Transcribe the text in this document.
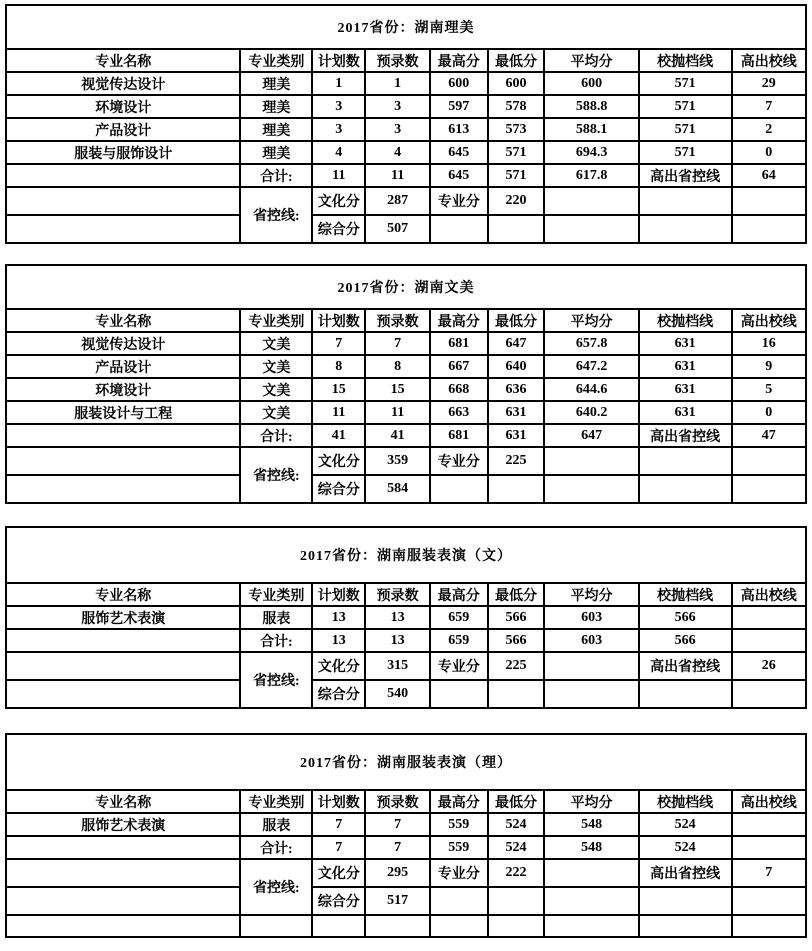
2017省份：湖南理美								
专业名称	专业类别	计划数	预录数	最高分	最低分	平均分	校抛档线	高出校线
视觉传达设计	理美	1	1	600	600	600	571	29
环境设计	理美	3	3	597	578	588.8	571	7
产品设计	理美	3	3	613	573	588.1	571	2
服装与服饰设计	理美	4	4	645	571	694.3	571	0
	合计:	11	11	645	571	617.8	高出省控线	64
	省控线:	文化分	287	专业分	220			
		综合分	507					
2017省份：湖南文美								
专业名称	专业类别	计划数	预录数	最高分	最低分	平均分	校抛档线	高出校线
视觉传达设计	文美	7	7	681	647	657.8	631	16
产品设计	文美	8	8	667	640	647.2	631	9
环境设计	文美	15	15	668	636	644.6	631	5
服装设计与工程	文美	11	11	663	631	640.2	631	0
	合计:	41	41	681	631	647	高出省控线	47
	省控线:	文化分	359	专业分	225			
		综合分	584					
2017省份：湖南服装表演（文）								
专业名称	专业类别	计划数	预录数	最高分	最低分	平均分	校抛档线	高出校线
服饰艺术表演	服表	13	13	659	566	603	566	
	合计:	13	13	659	566	603	566	
	省控线:	文化分	315	专业分	225		高出省控线	26
		综合分	540					
2017省份：湖南服装表演（理）								
专业名称	专业类别	计划数	预录数	最高分	最低分	平均分	校抛档线	高出校线
服饰艺术表演	服表	7	7	559	524	548	524	
	合计:	7	7	559	524	548	524	
	省控线:	文化分	295	专业分	222		高出省控线	7
		综合分	517					
